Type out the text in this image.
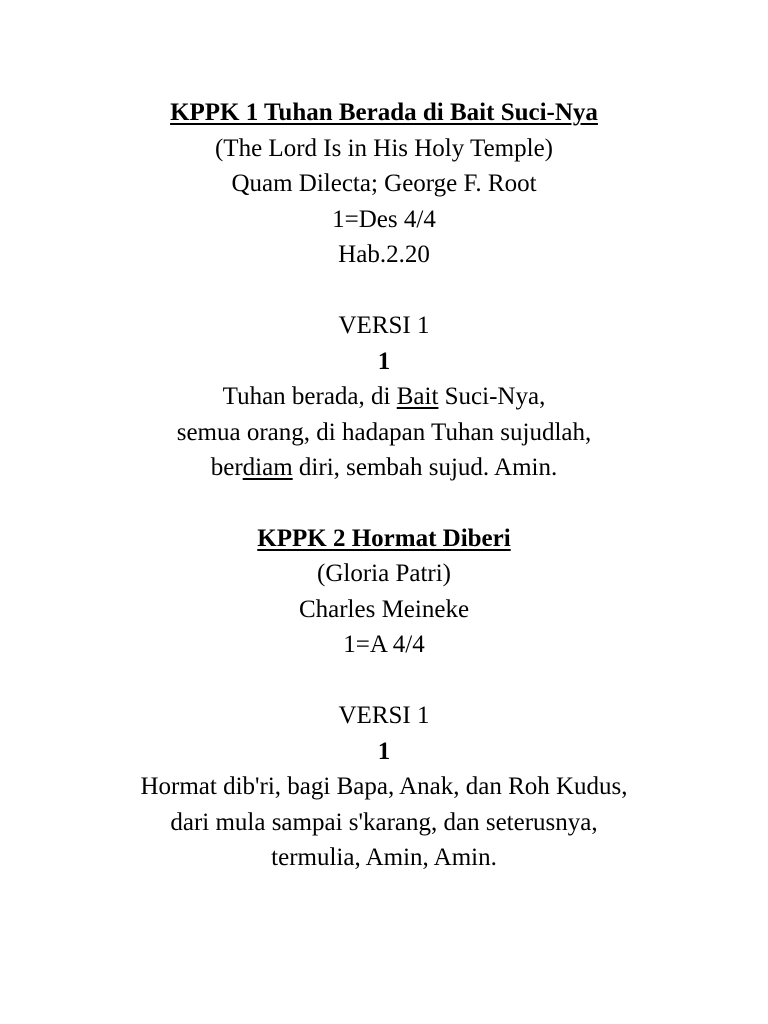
KPPK 1 Tuhan Berada di Bait Suci-Nya
(The Lord Is in His Holy Temple)
Quam Dilecta; George F. Root
1=Des 4/4
Hab.2.20
VERSI 1
1
Tuhan berada, di Bait Suci-Nya,
semua orang, di hadapan Tuhan sujudlah,
berdiam diri, sembah sujud. Amin.
KPPK 2 Hormat Diberi
(Gloria Patri)
Charles Meineke
1=A 4/4
VERSI 1
1
Hormat dib'ri, bagi Bapa, Anak, dan Roh Kudus,
dari mula sampai s'karang, dan seterusnya,
termulia, Amin, Amin.
